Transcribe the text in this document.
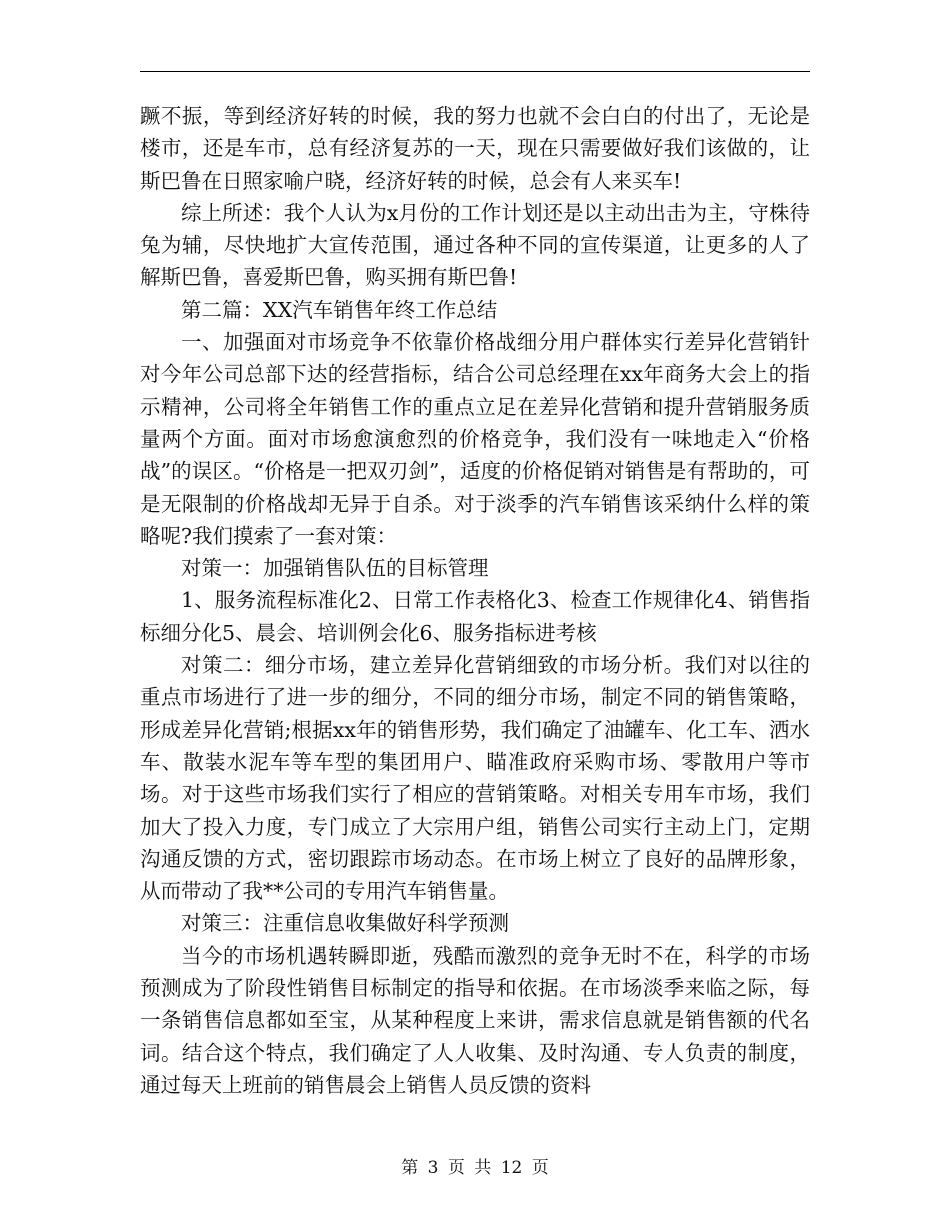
蹶不振，等到经济好转的时候，我的努力也就不会白白的付出了，无论是楼市，还是车市，总有经济复苏的一天，现在只需要做好我们该做的，让斯巴鲁在日照家喻户晓，经济好转的时候，总会有人来买车!

综上所述：我个人认为x月份的工作计划还是以主动出击为主，守株待兔为辅，尽快地扩大宣传范围，通过各种不同的宣传渠道，让更多的人了解斯巴鲁，喜爱斯巴鲁，购买拥有斯巴鲁!

第二篇：XX汽车销售年终工作总结

一、加强面对市场竞争不依靠价格战细分用户群体实行差异化营销针对今年公司总部下达的经营指标，结合公司总经理在xx年商务大会上的指示精神，公司将全年销售工作的重点立足在差异化营销和提升营销服务质量两个方面。面对市场愈演愈烈的价格竞争，我们没有一味地走入“价格战”的误区。“价格是一把双刃剑”，适度的价格促销对销售是有帮助的，可是无限制的价格战却无异于自杀。对于淡季的汽车销售该采纳什么样的策略呢?我们摸索了一套对策：

对策一：加强销售队伍的目标管理

1、服务流程标准化2、日常工作表格化3、检查工作规律化4、销售指标细分化5、晨会、培训例会化6、服务指标进考核

对策二：细分市场，建立差异化营销细致的市场分析。我们对以往的重点市场进行了进一步的细分，不同的细分市场，制定不同的销售策略，形成差异化营销;根据xx年的销售形势，我们确定了油罐车、化工车、洒水车、散装水泥车等车型的集团用户、瞄准政府采购市场、零散用户等市场。对于这些市场我们实行了相应的营销策略。对相关专用车市场，我们加大了投入力度，专门成立了大宗用户组，销售公司实行主动上门，定期沟通反馈的方式，密切跟踪市场动态。在市场上树立了良好的品牌形象，从而带动了我**公司的专用汽车销售量。

对策三：注重信息收集做好科学预测

当今的市场机遇转瞬即逝，残酷而激烈的竞争无时不在，科学的市场预测成为了阶段性销售目标制定的指导和依据。在市场淡季来临之际，每一条销售信息都如至宝，从某种程度上来讲，需求信息就是销售额的代名词。结合这个特点，我们确定了人人收集、及时沟通、专人负责的制度，通过每天上班前的销售晨会上销售人员反馈的资料

第 3 页 共 12 页
